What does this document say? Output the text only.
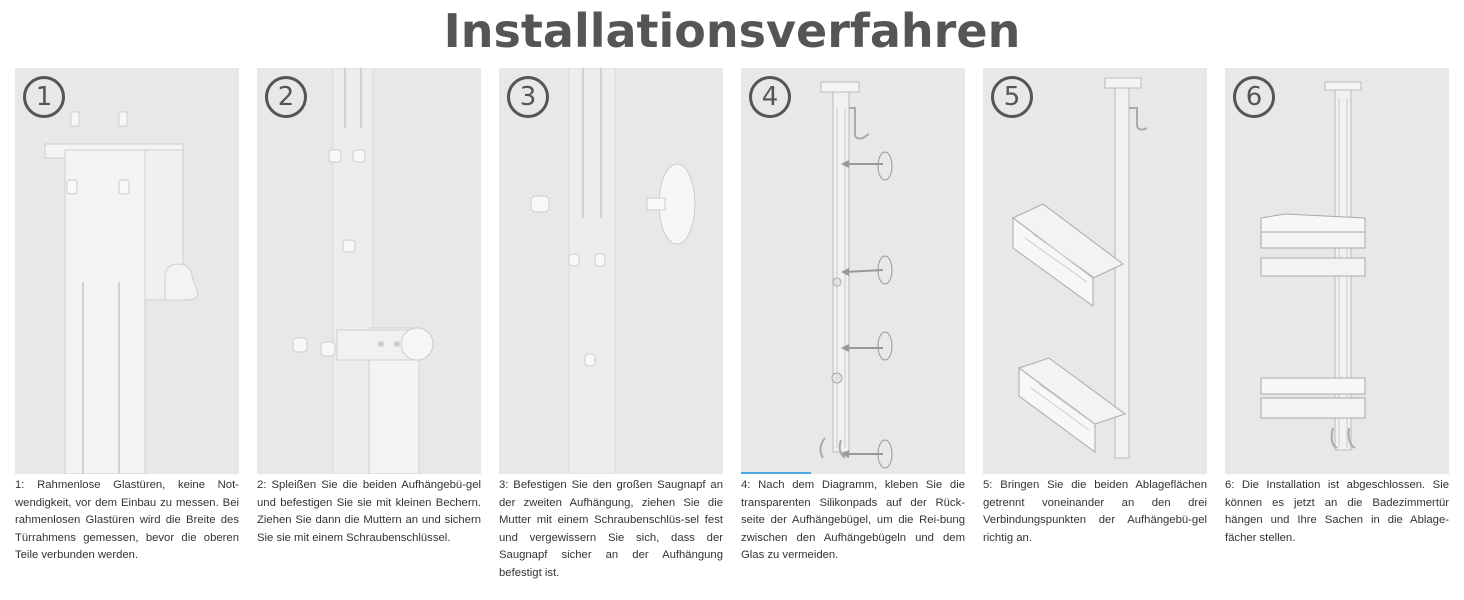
Installationsverfahren
1
1: Rahmenlose Glastüren, keine Not-wendigkeit, vor dem Einbau zu messen. Bei rahmenlosen Glastüren wird die Breite des Türrahmens gemessen, bevor die oberen Teile verbunden werden.
2
2: Spleißen Sie die beiden Aufhängebü-gel und befestigen Sie sie mit kleinen Bechern. Ziehen Sie dann die Muttern an und sichern Sie sie mit einem Schraubenschlüssel.
3
3: Befestigen Sie den großen Saugnapf an der zweiten Aufhängung, ziehen Sie die Mutter mit einem Schraubenschlüs-sel fest und vergewissern Sie sich, dass der Saugnapf sicher an der Aufhängung befestigt ist.
4
4: Nach dem Diagramm, kleben Sie die transparenten Silikonpads auf der Rück-seite der Aufhängebügel, um die Rei-bung zwischen den Aufhängebügeln und dem Glas zu vermeiden.
5
5: Bringen Sie die beiden Ablageflächen getrennt voneinander an den drei Verbindungspunkten der Aufhängebü-gel richtig an.
6
6: Die Installation ist abgeschlossen. Sie können es jetzt an die Badezimmertür hängen und Ihre Sachen in die Ablage-fächer stellen.
